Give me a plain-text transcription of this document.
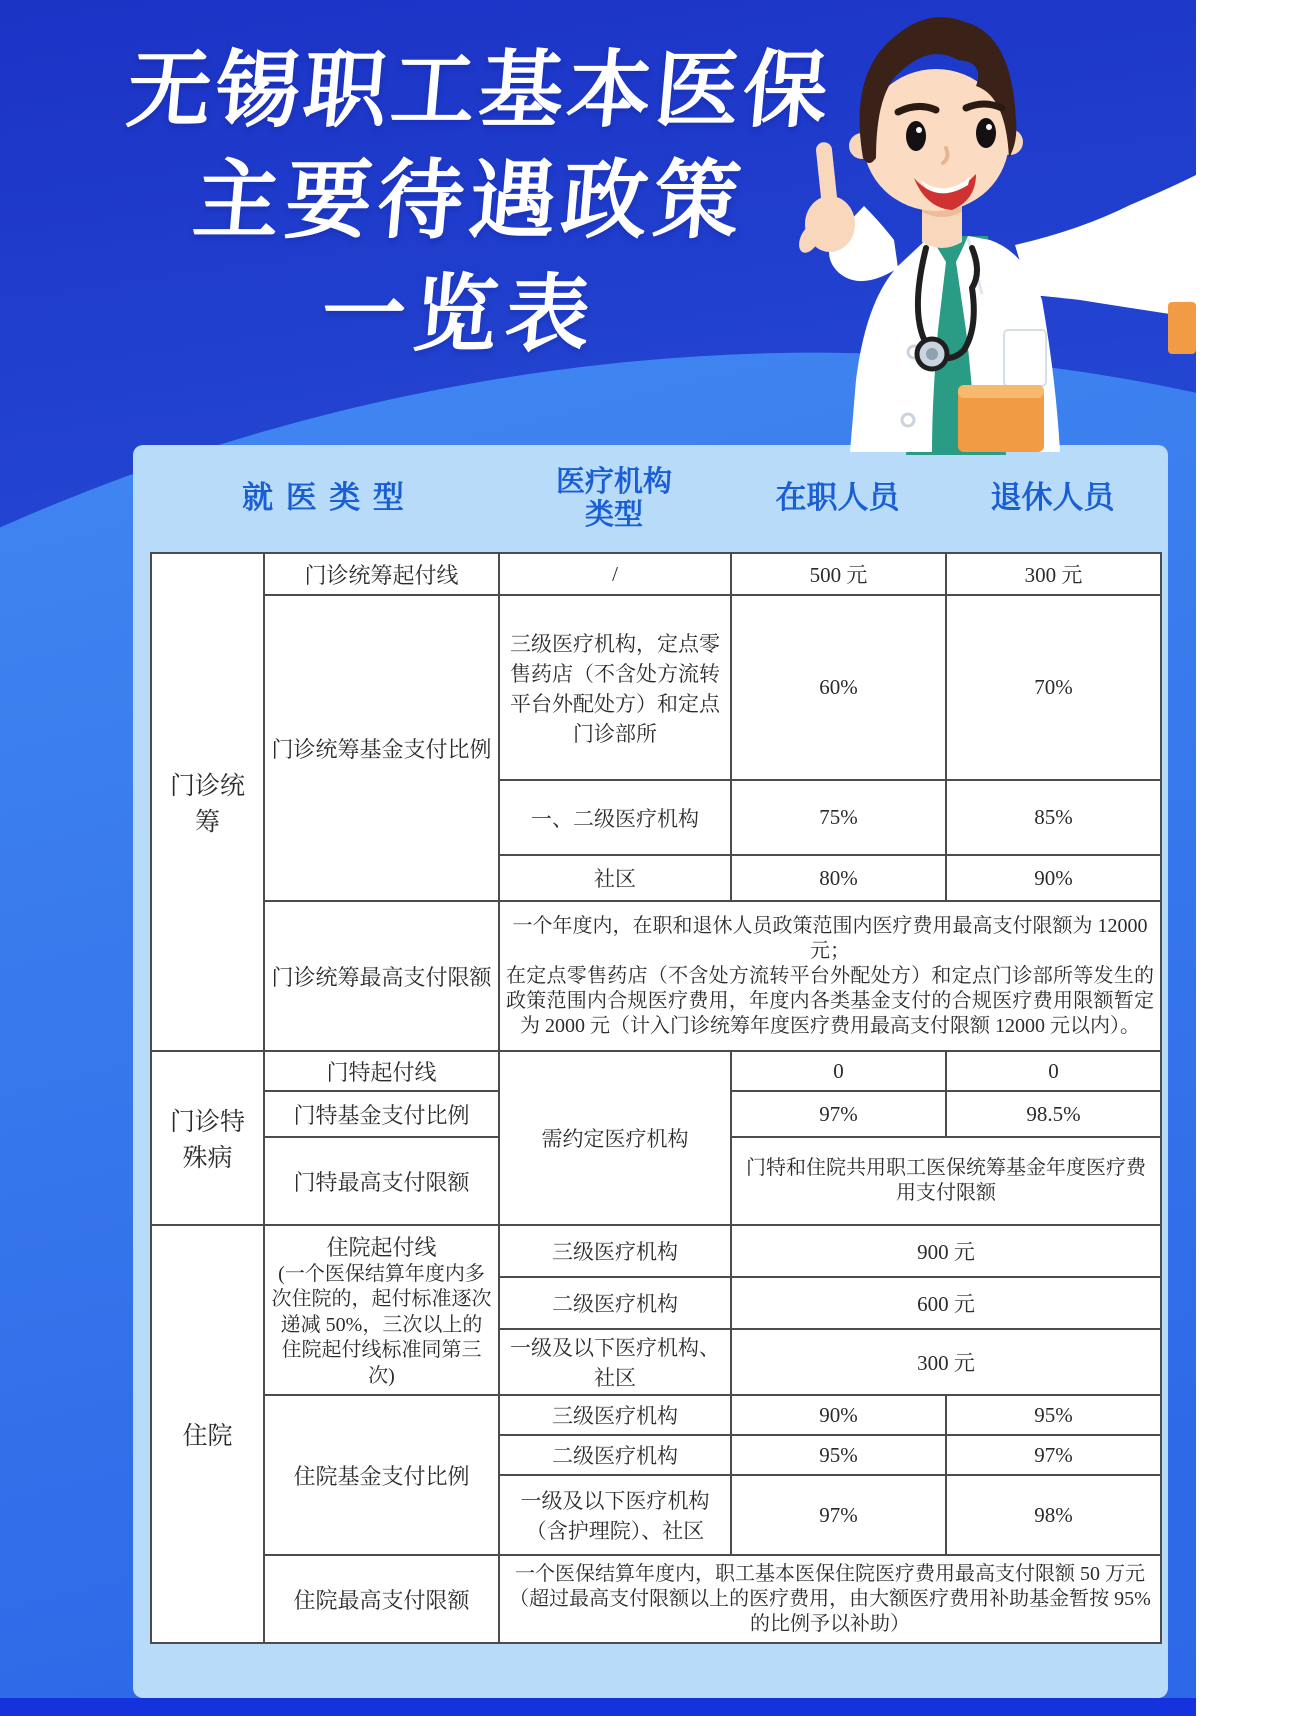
无锡职工基本医保
主要待遇政策
一览表
就 医 类 型	医疗机构
类型	在职人员	退休人员
门诊统筹	门诊统筹起付线	/	500 元	300 元
	门诊统筹基金支付比例	三级医疗机构，定点零售药店（不含处方流转平台外配处方）和定点门诊部所	60%	70%
		一、二级医疗机构	75%	85%
		社区	80%	90%
	门诊统筹最高支付限额	一个年度内，在职和退休人员政策范围内医疗费用最高支付限额为 12000 元；
在定点零售药店（不含处方流转平台外配处方）和定点门诊部所等发生的政策范围内合规医疗费用，年度内各类基金支付的合规医疗费用限额暂定为 2000 元（计入门诊统筹年度医疗费用最高支付限额 12000 元以内）。		

门诊特殊病	门特起付线	需约定医疗机构	0	0
	门特基金支付比例		97%	98.5%
	门特最高支付限额		门特和住院共用职工医保统筹基金年度医疗费用支付限额	
住院	住院起付线
(一个医保结算年度内多次住院的，起付标准逐次递减 50%，三次以上的住院起付线标准同第三次)	三级医疗机构	900 元	
		二级医疗机构	600 元	
		一级及以下医疗机构、社区	300 元	
	住院基金支付比例	三级医疗机构	90%	95%
		二级医疗机构	95%	97%
		一级及以下医疗机构（含护理院）、社区	97%	98%
	住院最高支付限额	一个医保结算年度内，职工基本医保住院医疗费用最高支付限额 50 万元（超过最高支付限额以上的医疗费用，由大额医疗费用补助基金暂按 95%的比例予以补助）		
